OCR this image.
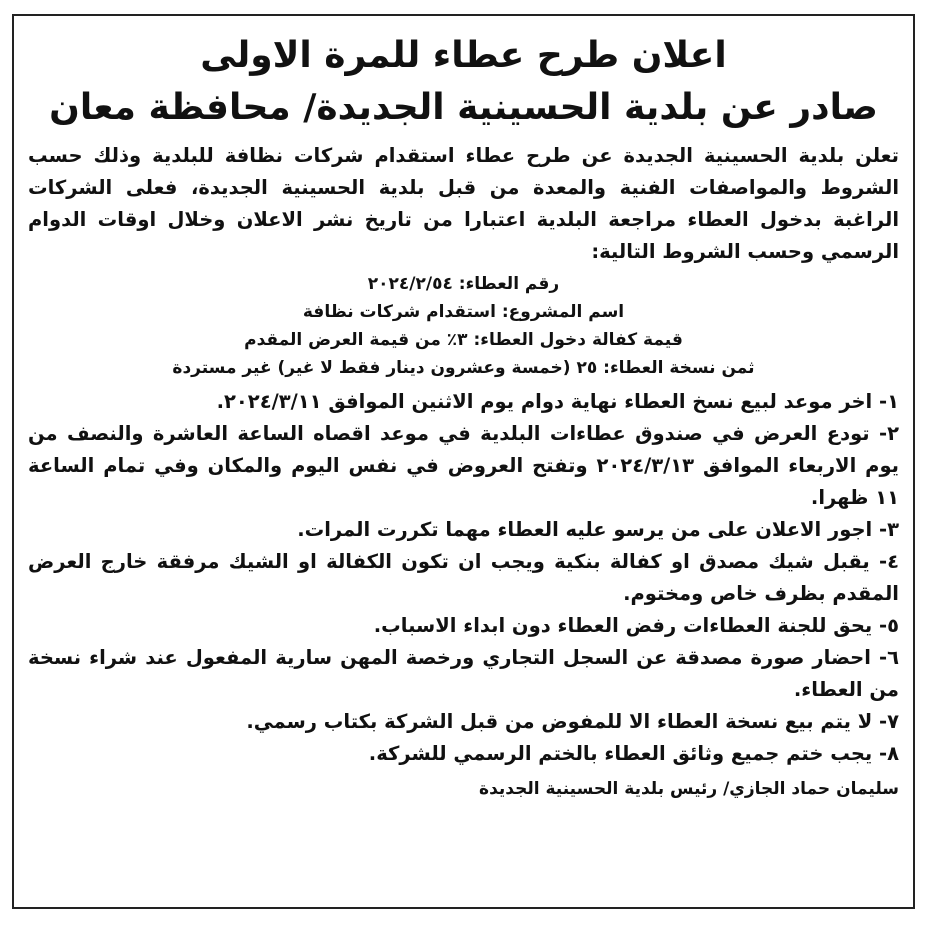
اعلان طرح عطاء للمرة الاولى
صادر عن بلدية الحسينية الجديدة/ محافظة معان

تعلن بلدية الحسينية الجديدة عن طرح عطاء استقدام شركات نظافة للبلدية وذلك حسب الشروط والمواصفات الفنية والمعدة من قبل بلدية الحسينية الجديدة، فعلى الشركات الراغبة بدخول العطاء مراجعة البلدية اعتبارا من تاريخ نشر الاعلان وخلال اوقات الدوام الرسمي وحسب الشروط التالية:

رقم العطاء: ٢٠٢٤/٢/٥٤
اسم المشروع: استقدام شركات نظافة
قيمة كفالة دخول العطاء: ٣٪ من قيمة العرض المقدم
ثمن نسخة العطاء: ٢٥ (خمسة وعشرون دينار فقط لا غير) غير مستردة
١- اخر موعد لبيع نسخ العطاء نهاية دوام يوم الاثنين الموافق ٢٠٢٤/٣/١١.
٢- تودع العرض في صندوق عطاءات البلدية في موعد اقصاه الساعة العاشرة والنصف من يوم الاربعاء الموافق ٢٠٢٤/٣/١٣ وتفتح العروض في نفس اليوم والمكان وفي تمام الساعة ١١ ظهرا.
٣- اجور الاعلان على من يرسو عليه العطاء مهما تكررت المرات.
٤- يقبل شيك مصدق او كفالة بنكية ويجب ان تكون الكفالة او الشيك مرفقة خارج العرض المقدم بظرف خاص ومختوم.
٥- يحق للجنة العطاءات رفض العطاء دون ابداء الاسباب.
٦- احضار صورة مصدقة عن السجل التجاري ورخصة المهن سارية المفعول عند شراء نسخة من العطاء.
٧- لا يتم بيع نسخة العطاء الا للمفوض من قبل الشركة بكتاب رسمي.
٨- يجب ختم جميع وثائق العطاء بالختم الرسمي للشركة.
سليمان حماد الجازي/ رئيس بلدية الحسينية الجديدة
